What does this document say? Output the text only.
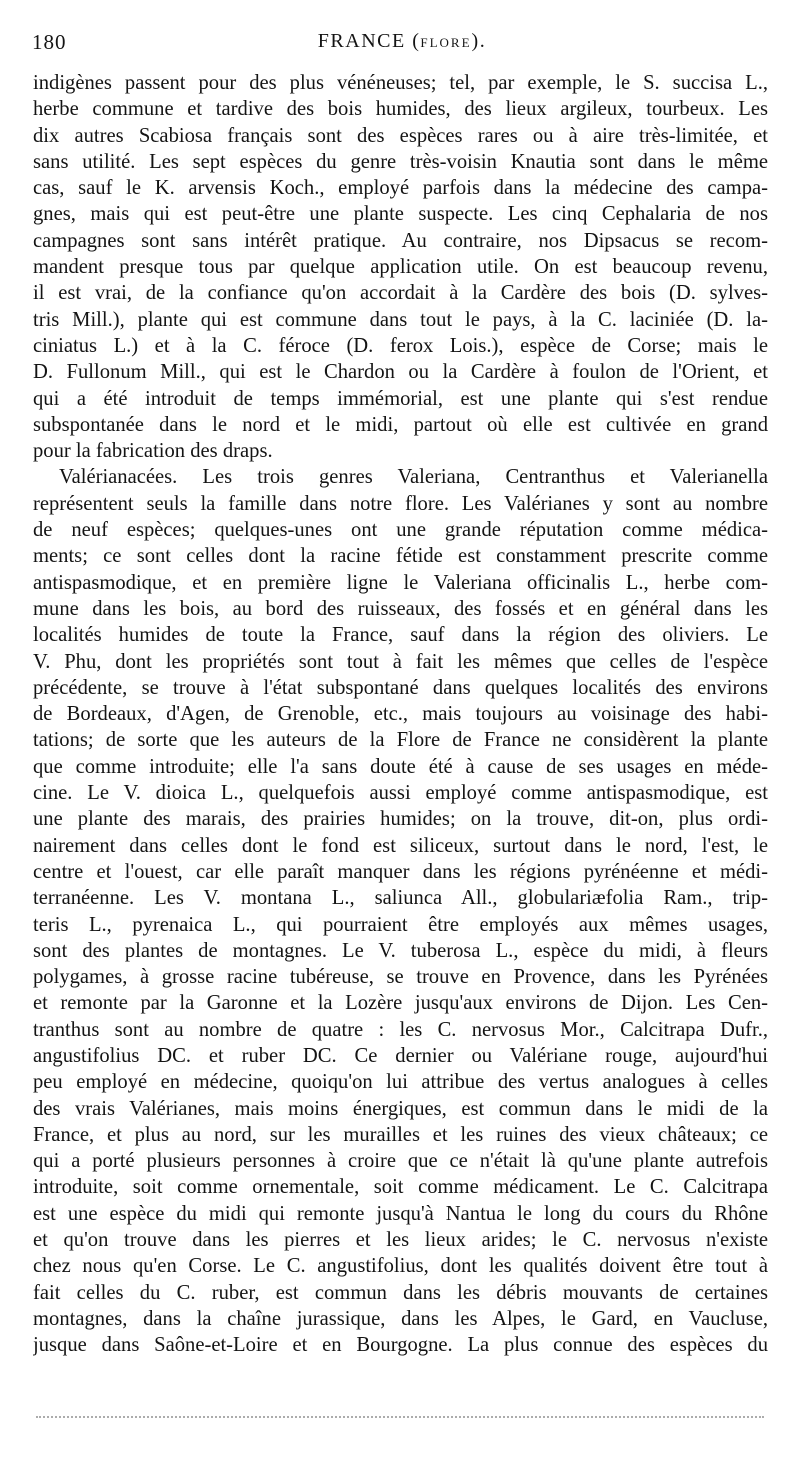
180	FRANCE (FLORE).
indigènes passent pour des plus vénéneuses; tel, par exemple, le S. succisa L.,
herbe commune et tardive des bois humides, des lieux argileux, tourbeux. Les
dix autres Scabiosa français sont des espèces rares ou à aire très-limitée, et
sans utilité. Les sept espèces du genre très-voisin Knautia sont dans le même
cas, sauf le K. arvensis Koch., employé parfois dans la médecine des campa-
gnes, mais qui est peut-être une plante suspecte. Les cinq Cephalaria de nos
campagnes sont sans intérêt pratique. Au contraire, nos Dipsacus se recom-
mandent presque tous par quelque application utile. On est beaucoup revenu,
il est vrai, de la confiance qu'on accordait à la Cardère des bois (D. sylves-
tris Mill.), plante qui est commune dans tout le pays, à la C. laciniée (D. la-
ciniatus L.) et à la C. féroce (D. ferox Lois.), espèce de Corse; mais le
D. Fullonum Mill., qui est le Chardon ou la Cardère à foulon de l'Orient, et
qui a été introduit de temps immémorial, est une plante qui s'est rendue
subspontanée dans le nord et le midi, partout où elle est cultivée en grand
pour la fabrication des draps.
Valérianacées. Les trois genres Valeriana, Centranthus et Valerianella
représentent seuls la famille dans notre flore. Les Valérianes y sont au nombre
de neuf espèces; quelques-unes ont une grande réputation comme médica-
ments; ce sont celles dont la racine fétide est constamment prescrite comme
antispasmodique, et en première ligne le Valeriana officinalis L., herbe com-
mune dans les bois, au bord des ruisseaux, des fossés et en général dans les
localités humides de toute la France, sauf dans la région des oliviers. Le
V. Phu, dont les propriétés sont tout à fait les mêmes que celles de l'espèce
précédente, se trouve à l'état subspontané dans quelques localités des environs
de Bordeaux, d'Agen, de Grenoble, etc., mais toujours au voisinage des habi-
tations; de sorte que les auteurs de la Flore de France ne considèrent la plante
que comme introduite; elle l'a sans doute été à cause de ses usages en méde-
cine. Le V. dioica L., quelquefois aussi employé comme antispasmodique, est
une plante des marais, des prairies humides; on la trouve, dit-on, plus ordi-
nairement dans celles dont le fond est siliceux, surtout dans le nord, l'est, le
centre et l'ouest, car elle paraît manquer dans les régions pyrénéenne et médi-
terranéenne. Les V. montana L., saliunca All., globulariæfolia Ram., trip-
teris L., pyrenaica L., qui pourraient être employés aux mêmes usages,
sont des plantes de montagnes. Le V. tuberosa L., espèce du midi, à fleurs
polygames, à grosse racine tubéreuse, se trouve en Provence, dans les Pyrénées
et remonte par la Garonne et la Lozère jusqu'aux environs de Dijon. Les Cen-
tranthus sont au nombre de quatre : les C. nervosus Mor., Calcitrapa Dufr.,
angustifolius DC. et ruber DC. Ce dernier ou Valériane rouge, aujourd'hui
peu employé en médecine, quoiqu'on lui attribue des vertus analogues à celles
des vrais Valérianes, mais moins énergiques, est commun dans le midi de la
France, et plus au nord, sur les murailles et les ruines des vieux châteaux; ce
qui a porté plusieurs personnes à croire que ce n'était là qu'une plante autrefois
introduite, soit comme ornementale, soit comme médicament. Le C. Calcitrapa
est une espèce du midi qui remonte jusqu'à Nantua le long du cours du Rhône
et qu'on trouve dans les pierres et les lieux arides; le C. nervosus n'existe
chez nous qu'en Corse. Le C. angustifolius, dont les qualités doivent être tout à
fait celles du C. ruber, est commun dans les débris mouvants de certaines
montagnes, dans la chaîne jurassique, dans les Alpes, le Gard, en Vaucluse,
jusque dans Saône-et-Loire et en Bourgogne. La plus connue des espèces du
